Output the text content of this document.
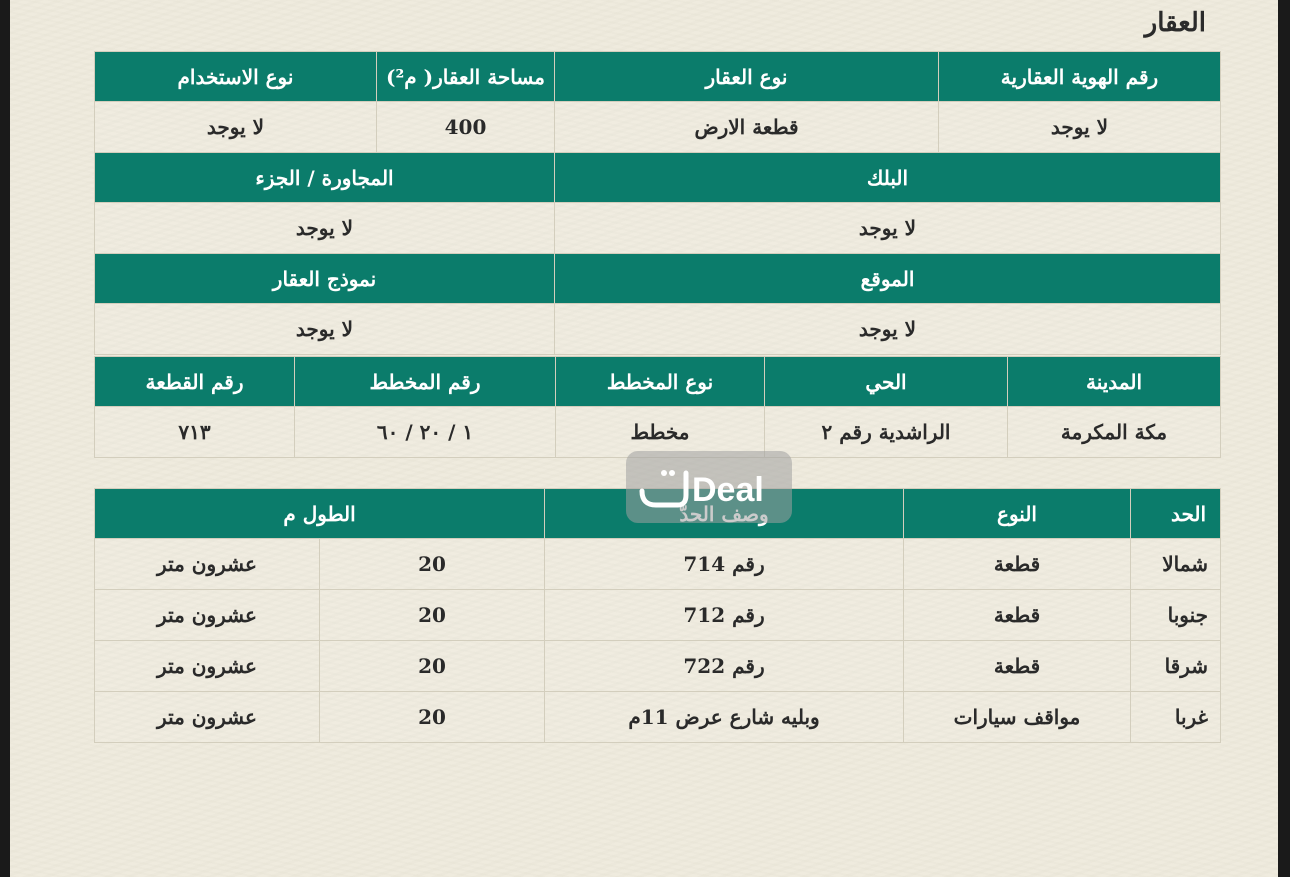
العقار
رقم الهوية العقارية	نوع العقار	مساحة العقار( م²)	نوع الاستخدام
لا يوجد	قطعة الارض	400	لا يوجد
البلك		المجاورة / الجزء	
لا يوجد		لا يوجد	
الموقع		نموذج العقار	
لا يوجد		لا يوجد	
المدينة	الحي	نوع المخطط	رقم المخطط	رقم القطعة
مكة المكرمة	الراشدية رقم ٢	مخطط	١ / ٢٠ / ٦٠	٧١٣
الحد	النوع		الطول م	
شمالا	قطعة	رقم 714	20	عشرون متر
جنوبا	قطعة	رقم 712	20	عشرون متر
شرقا	قطعة	رقم 722	20	عشرون متر
غربا	مواقف سيارات	وبليه شارع عرض 11م	20	عشرون متر
Deal
